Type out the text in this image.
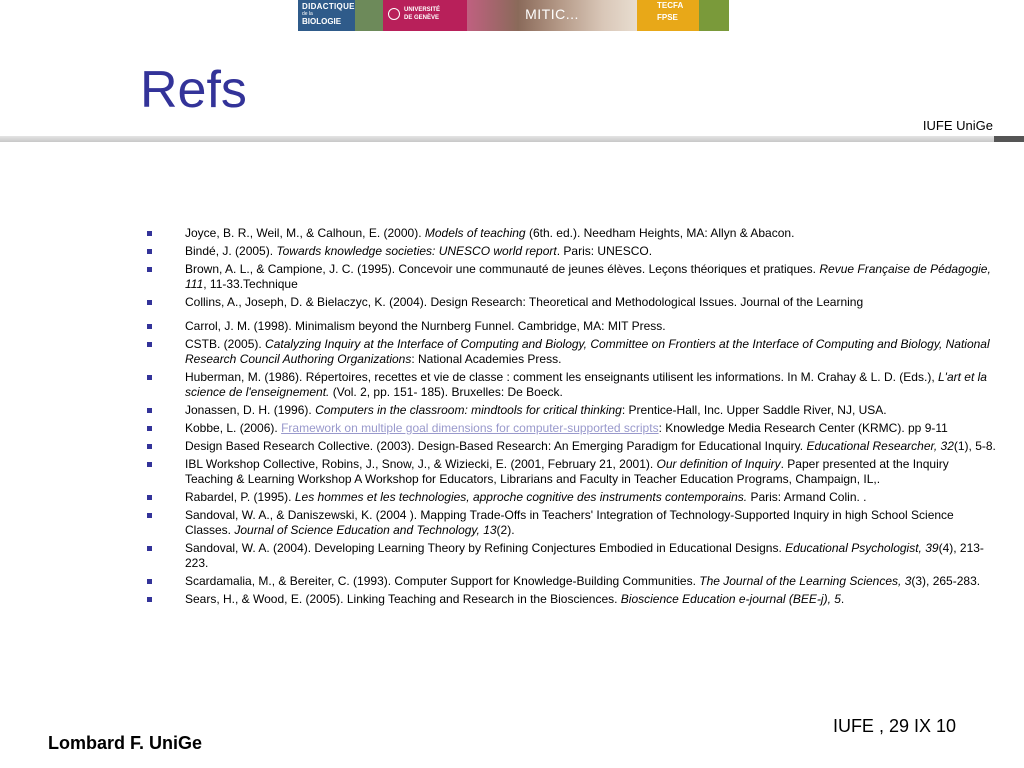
DIDACTIQUE
de la
BIOLOGIE
UNIVERSITÉ
DE GENÈVE	MITIC...
TECFA
FPSE
Refs
IUFE UniGe
Joyce, B. R., Weil, M., & Calhoun, E. (2000). Models of teaching (6th. ed.). Needham Heights, MA: Allyn & Abacon.
Bindé, J. (2005). Towards knowledge societies: UNESCO world report. Paris: UNESCO.
Brown, A. L., & Campione, J. C. (1995). Concevoir une communauté de jeunes élèves. Leçons théoriques et pratiques. Revue Française de Pédagogie, 111, 11-33.Technique
Collins, A., Joseph, D. & Bielaczyc, K. (2004). Design Research: Theoretical and Methodological Issues. Journal of the Learning
Carrol, J. M. (1998). Minimalism beyond the Nurnberg Funnel. Cambridge, MA: MIT Press.
CSTB. (2005). Catalyzing Inquiry at the Interface of Computing and Biology, Committee on Frontiers at the Interface of Computing and Biology, National Research Council Authoring Organizations: National Academies Press.
Huberman, M. (1986). Répertoires, recettes et vie de classe : comment les enseignants utilisent les informations. In M. Crahay & L. D. (Eds.), L'art et la science de l'enseignement. (Vol. 2, pp. 151- 185). Bruxelles: De Boeck.
Jonassen, D. H. (1996). Computers in the classroom: mindtools for critical thinking: Prentice-Hall, Inc. Upper Saddle River, NJ, USA.
Kobbe, L. (2006). Framework on multiple goal dimensions for computer-supported scripts: Knowledge Media Research Center (KRMC). pp 9-11
Design Based Research Collective. (2003). Design-Based Research: An Emerging Paradigm for Educational Inquiry. Educational Researcher, 32(1), 5-8.
IBL Workshop Collective, Robins, J., Snow, J., & Wiziecki, E. (2001, February 21, 2001). Our definition of Inquiry. Paper presented at the Inquiry Teaching & Learning Workshop A Workshop for Educators, Librarians and Faculty in Teacher Education Programs, Champaign, IL,.
Rabardel, P. (1995). Les hommes et les technologies, approche cognitive des instruments contemporains. Paris: Armand Colin. .
Sandoval, W. A., & Daniszewski, K. (2004 ). Mapping Trade-Offs in Teachers' Integration of Technology-Supported Inquiry in high School Science Classes. Journal of Science Education and Technology, 13(2).
Sandoval, W. A. (2004). Developing Learning Theory by Refining Conjectures Embodied in Educational Designs. Educational Psychologist, 39(4), 213-223.
Scardamalia, M., & Bereiter, C. (1993). Computer Support for Knowledge-Building Communities. The Journal of the Learning Sciences, 3(3), 265-283.
Sears, H., & Wood, E. (2005). Linking Teaching and Research in the Biosciences. Bioscience Education e-journal (BEE-j), 5.
IUFE , 29 IX 10
Lombard F. UniGe
